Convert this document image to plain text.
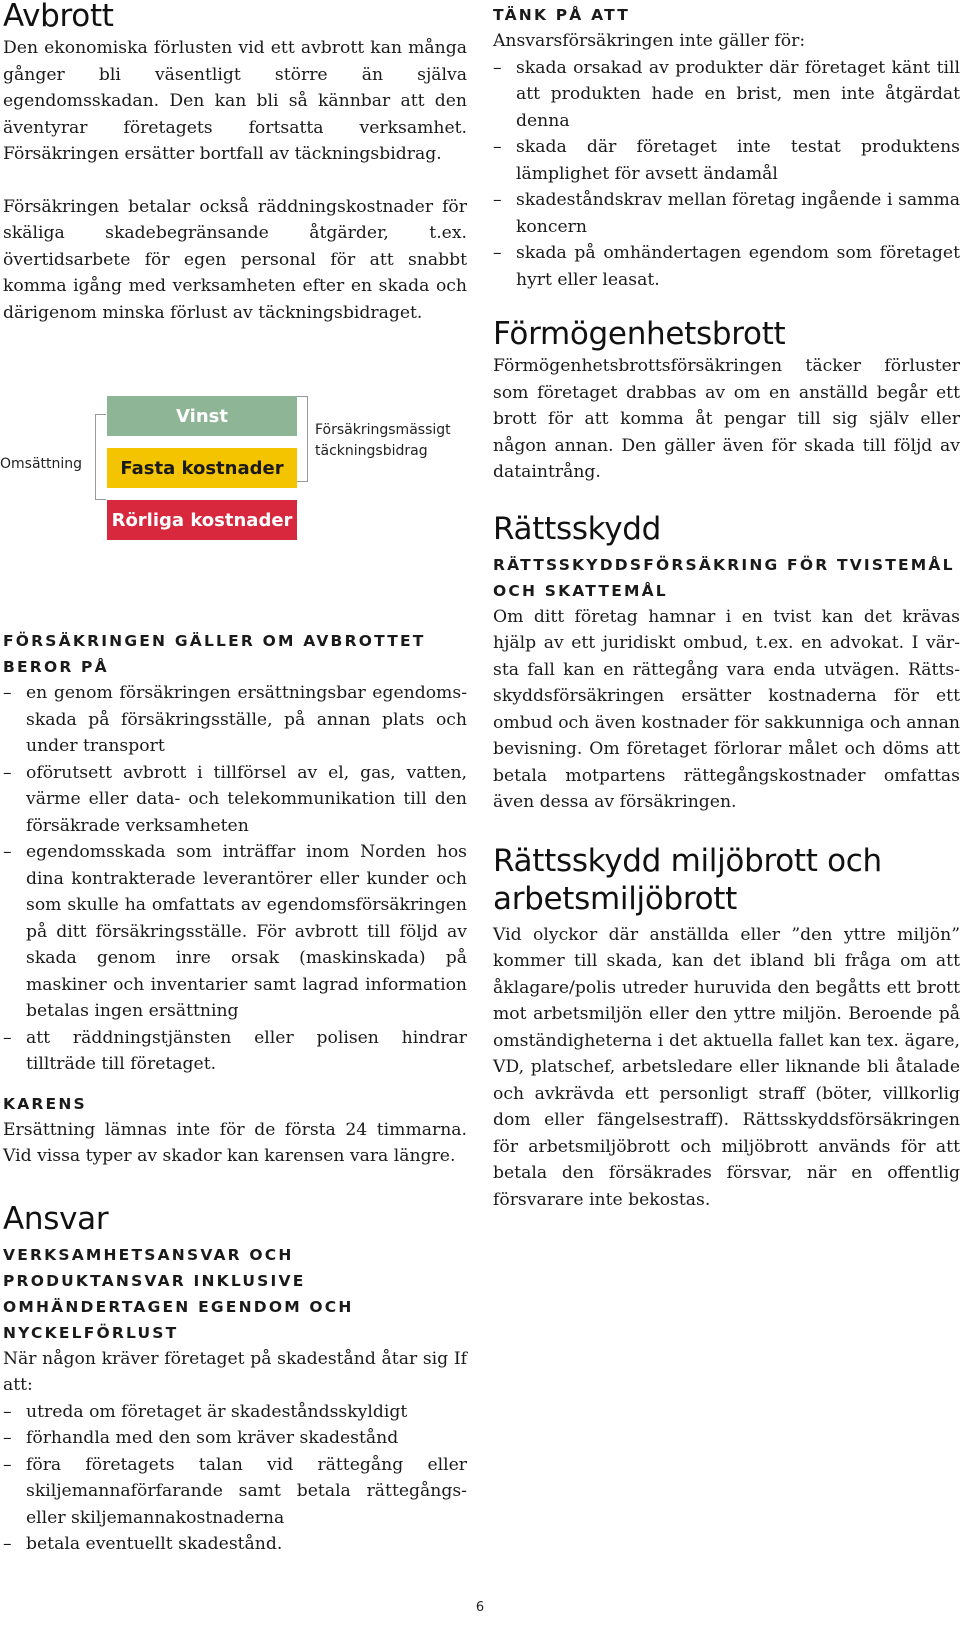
Avbrott

Den ekonomiska förlusten vid ett avbrott kan många gånger bli väsentligt större än själva egendomsskadan. Den kan bli så kännbar att den äventyrar företagets fortsatta verksamhet. Försäkringen ersätter bortfall av täckningsbidrag.

Försäkringen betalar också räddningskostnader för skäliga skadebegränsande åtgärder, t.ex. övertidsarbete för egen personal för att snabbt komma igång med verksamheten efter en skada och därigenom minska förlust av täckningsbidraget.

Omsättning
Vinst
Fasta kostnader
Rörliga kostnader
Försäkringsmässigt
täckningsbidrag
FÖRSÄKRINGEN GÄLLER OM AVBROTTET BEROR PÅ
– en genom försäkringen ersättningsbar egendomsskada på försäkringsställe, på annan plats och under transport
– oförutsett avbrott i tillförsel av el, gas, vatten, värme eller data- och telekommunikation till den försäkrade verksamheten
– egendomsskada som inträffar inom Norden hos dina kontrakterade leverantörer eller kunder och som skulle ha omfattats av egendomsförsäkringen på ditt försäkringsställe. För avbrott till följd av skada genom inre orsak (maskinskada) på maskiner och inventarier samt lagrad information betalas ingen ersättning
– att räddningstjänsten eller polisen hindrar tillträde till företaget.
KARENS

Ersättning lämnas inte för de första 24 timmarna. Vid vissa typer av skador kan karensen vara längre.

Ansvar
VERKSAMHETSANSVAR OCH PRODUKTANSVAR INKLUSIVE OMHÄNDERTAGEN EGENDOM OCH NYCKELFÖRLUST

När någon kräver företaget på skadestånd åtar sig If att:

– utreda om företaget är skadeståndsskyldigt
– förhandla med den som kräver skadestånd
– föra företagets talan vid rättegång eller skiljemannaförfarande samt betala rättegångs- eller skiljemannakostnaderna
– betala eventuellt skadestånd.
TÄNK PÅ ATT

Ansvarsförsäkringen inte gäller för:

– skada orsakad av produkter där företaget känt till att produkten hade en brist, men inte åtgärdat denna
– skada där företaget inte testat produktens lämplighet för avsett ändamål
– skadeståndskrav mellan företag ingående i samma koncern
– skada på omhändertagen egendom som företaget hyrt eller leasat.
Förmögenhetsbrott

Förmögenhetsbrottsförsäkringen täcker förluster som företaget drabbas av om en anställd begår ett brott för att komma åt pengar till sig själv eller någon annan. Den gäller även för skada till följd av dataintrång.

Rättsskydd
RÄTTSSKYDDSFÖRSÄKRING FÖR TVISTEMÅL OCH SKATTEMÅL

Om ditt företag hamnar i en tvist kan det krävas hjälp av ett juridiskt ombud, t.ex. en advokat. I värsta fall kan en rättegång vara enda utvägen. Rättsskyddsförsäkringen ersätter kostnaderna för ett ombud och även kostnader för sakkunniga och annan bevisning. Om företaget förlorar målet och döms att betala motpartens rättegångskostnader omfattas även dessa av försäkringen.

Rättsskydd miljöbrott och arbetsmiljöbrott

Vid olyckor där anställda eller ”den yttre miljön” kommer till skada, kan det ibland bli fråga om att åklagare/polis utreder huruvida den begåtts ett brott mot arbetsmiljön eller den yttre miljön. Beroende på omständigheterna i det aktuella fallet kan tex. ägare, VD, platschef, arbetsledare eller liknande bli åtalade och avkrävda ett personligt straff (böter, villkorlig dom eller fängelsestraff). Rättsskyddsförsäkringen för arbetsmiljöbrott och miljöbrott används för att betala den försäkrades försvar, när en offentlig försvarare inte bekostas.

6
